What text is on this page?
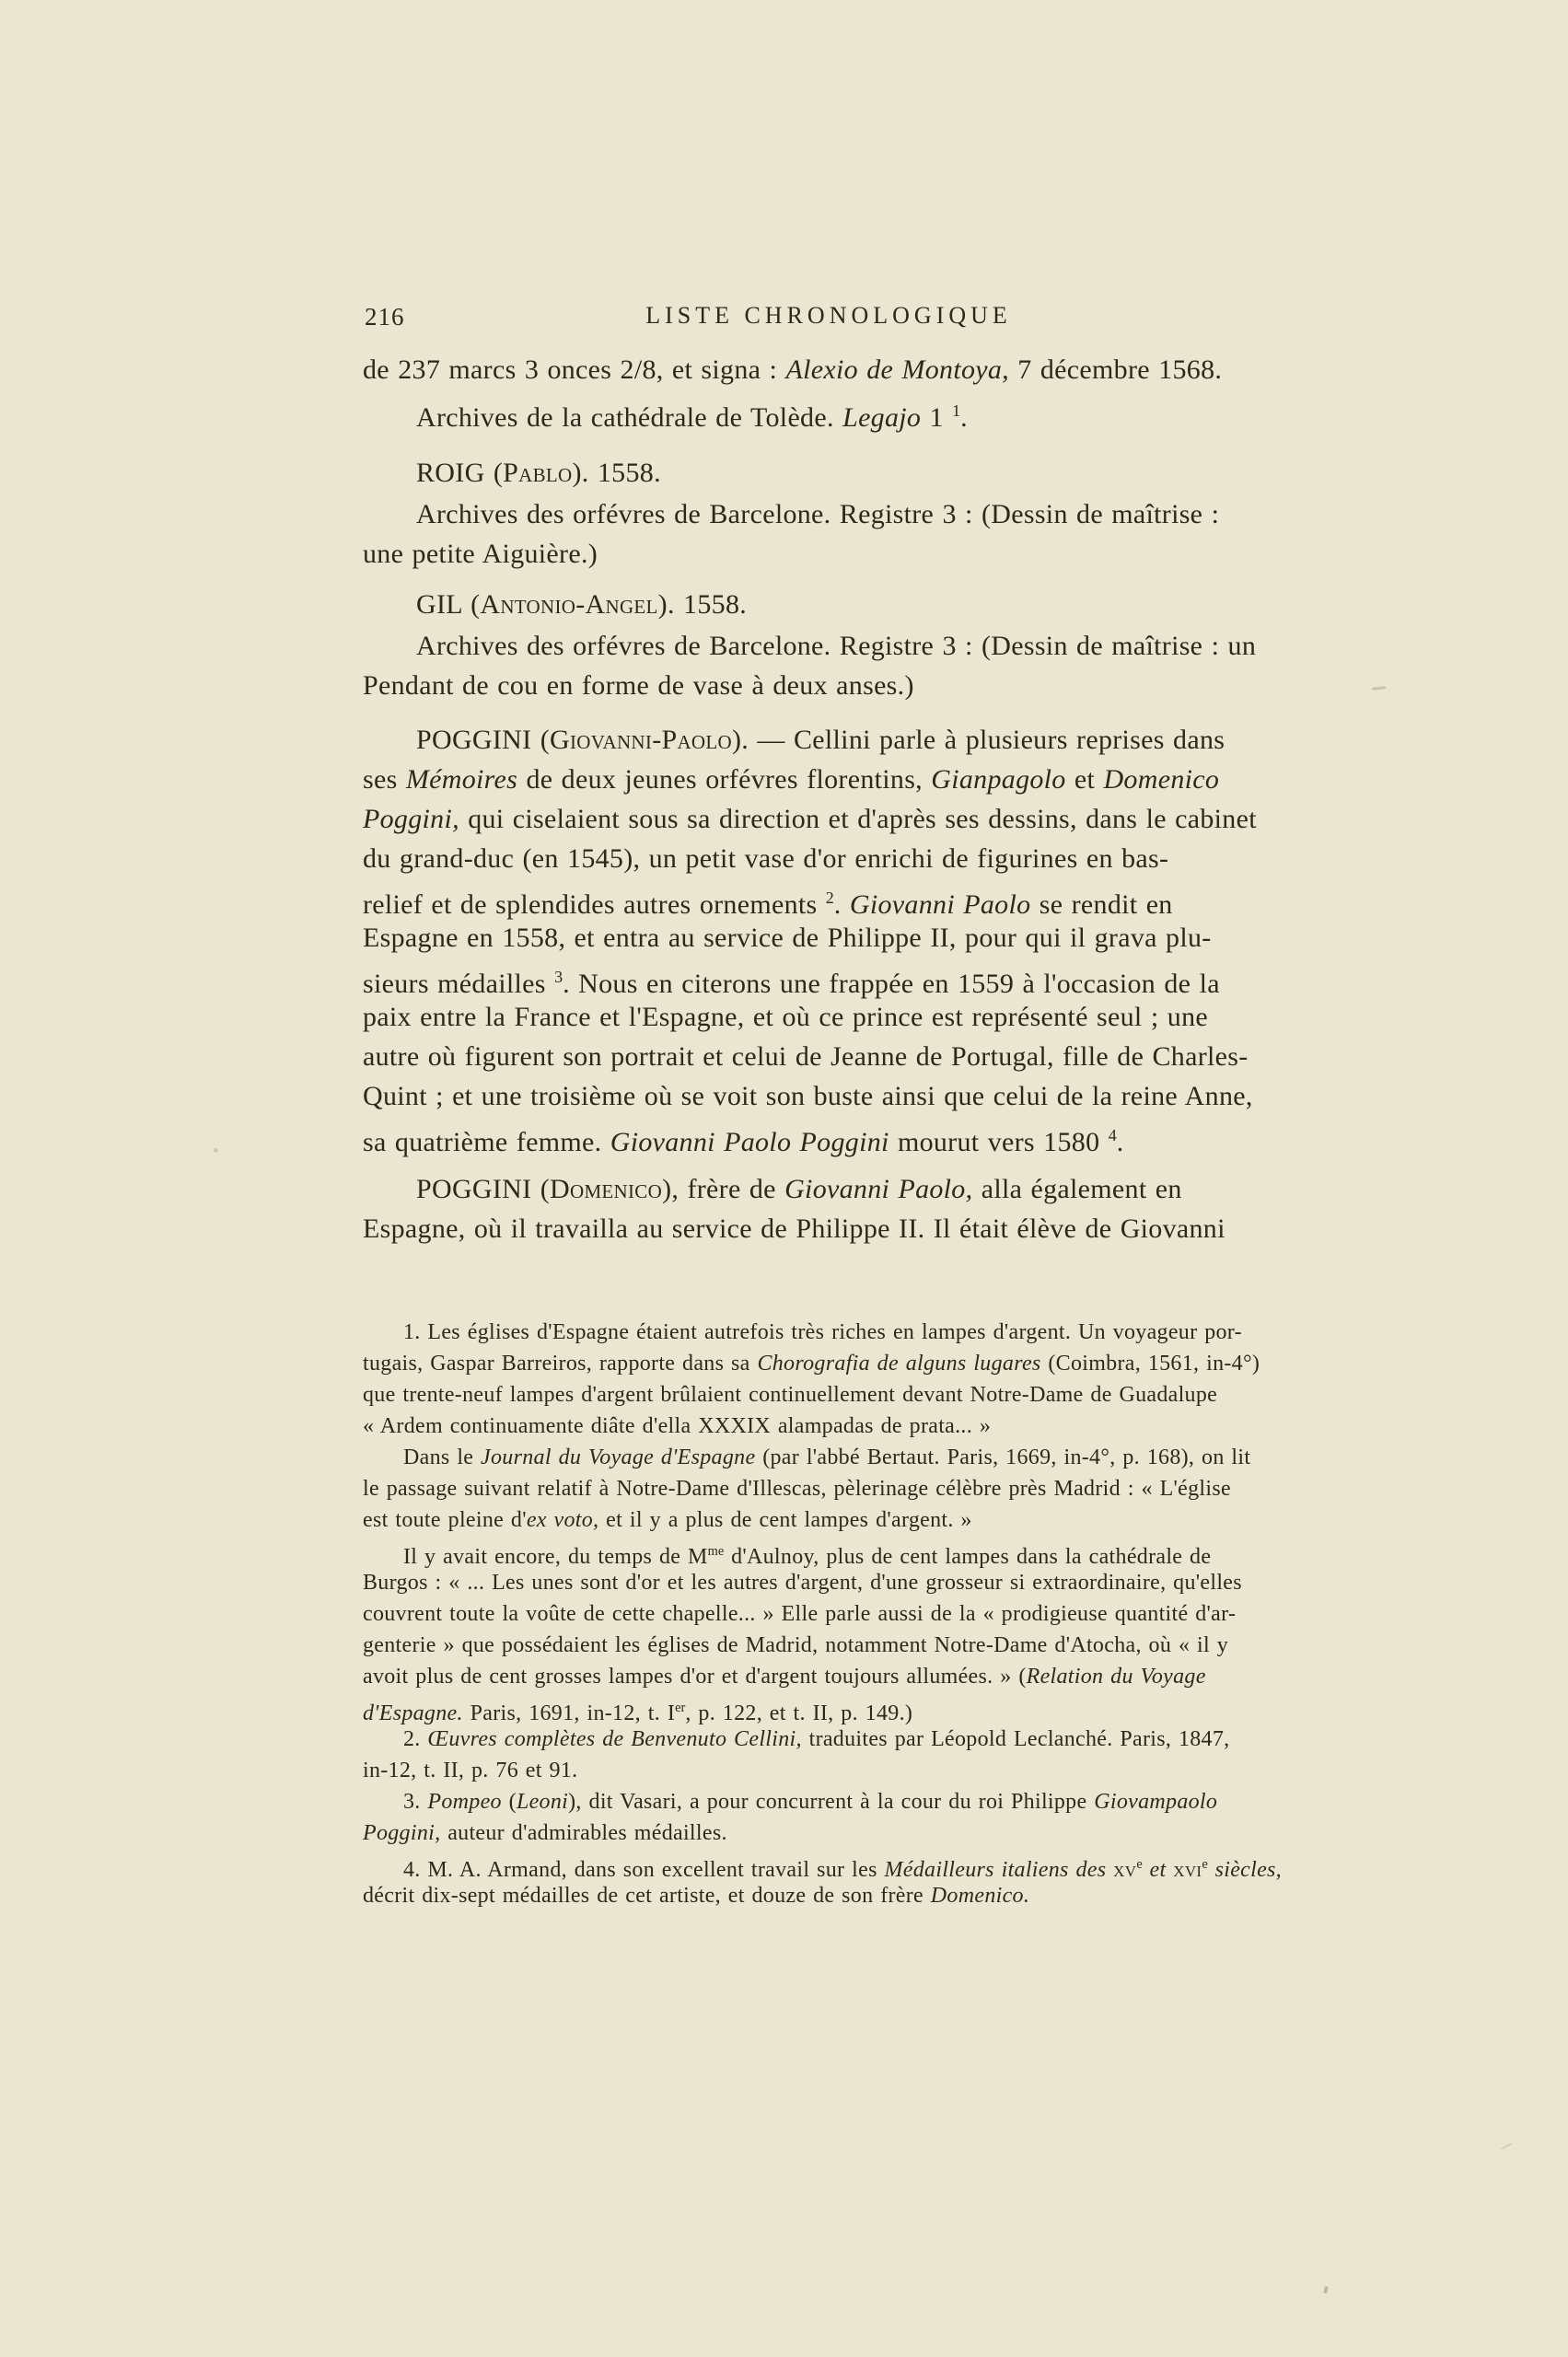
216	LISTE CHRONOLOGIQUE
de 237 marcs 3 onces 2/8, et signa : Alexio de Montoya, 7 décembre 1568.
Archives de la cathédrale de Tolède. Legajo 1 $^1$.
ROIG (Pablo). 1558.
Archives des orfévres de Barcelone. Registre 3 : (Dessin de maîtrise :
une petite Aiguière.)
GIL (Antonio-Angel). 1558.
Archives des orfévres de Barcelone. Registre 3 : (Dessin de maîtrise : un
Pendant de cou en forme de vase à deux anses.)
POGGINI (Giovanni-Paolo). — Cellini parle à plusieurs reprises dans
ses Mémoires de deux jeunes orfévres florentins, Gianpagolo et Domenico
Poggini, qui ciselaient sous sa direction et d'après ses dessins, dans le cabinet
du grand-duc (en 1545), un petit vase d'or enrichi de figurines en bas-
relief et de splendides autres ornements $^2$. Giovanni Paolo se rendit en
Espagne en 1558, et entra au service de Philippe II, pour qui il grava plu-
sieurs médailles $^3$. Nous en citerons une frappée en 1559 à l'occasion de la
paix entre la France et l'Espagne, et où ce prince est représenté seul ; une
autre où figurent son portrait et celui de Jeanne de Portugal, fille de Charles-
Quint ; et une troisième où se voit son buste ainsi que celui de la reine Anne,
sa quatrième femme. Giovanni Paolo Poggini mourut vers 1580 $^4$.
POGGINI (Domenico), frère de Giovanni Paolo, alla également en
Espagne, où il travailla au service de Philippe II. Il était élève de Giovanni
1. Les églises d'Espagne étaient autrefois très riches en lampes d'argent. Un voyageur por-
tugais, Gaspar Barreiros, rapporte dans sa Chorografia de alguns lugares (Coimbra, 1561, in-4°)
que trente-neuf lampes d'argent brûlaient continuellement devant Notre-Dame de Guadalupe
« Ardem continuamente diâte d'ella XXXIX alampadas de prata... »
Dans le Journal du Voyage d'Espagne (par l'abbé Bertaut. Paris, 1669, in-4°, p. 168), on lit
le passage suivant relatif à Notre-Dame d'Illescas, pèlerinage célèbre près Madrid : « L'église
est toute pleine d'ex voto, et il y a plus de cent lampes d'argent. »
Il y avait encore, du temps de $M^{me}$ d'Aulnoy, plus de cent lampes dans la cathédrale de
Burgos : « ... Les unes sont d'or et les autres d'argent, d'une grosseur si extraordinaire, qu'elles
couvrent toute la voûte de cette chapelle... » Elle parle aussi de la « prodigieuse quantité d'ar-
genterie » que possédaient les églises de Madrid, notamment Notre-Dame d'Atocha, où « il y
avoit plus de cent grosses lampes d'or et d'argent toujours allumées. » (Relation du Voyage
d'Espagne. Paris, 1691, in-12, t. Ier, p. 122, et t. II, p. 149.)
2. Œuvres complètes de Benvenuto Cellini, traduites par Léopold Leclanché. Paris, 1847,
in-12, t. II, p. 76 et 91.
3. Pompeo (Leoni), dit Vasari, a pour concurrent à la cour du roi Philippe Giovampaolo
Poggini, auteur d'admirables médailles.
4. M. A. Armand, dans son excellent travail sur les Médailleurs italiens des $xv^e$ et xvi$^e$ siècles,
décrit dix-sept médailles de cet artiste, et douze de son frère Domenico.
